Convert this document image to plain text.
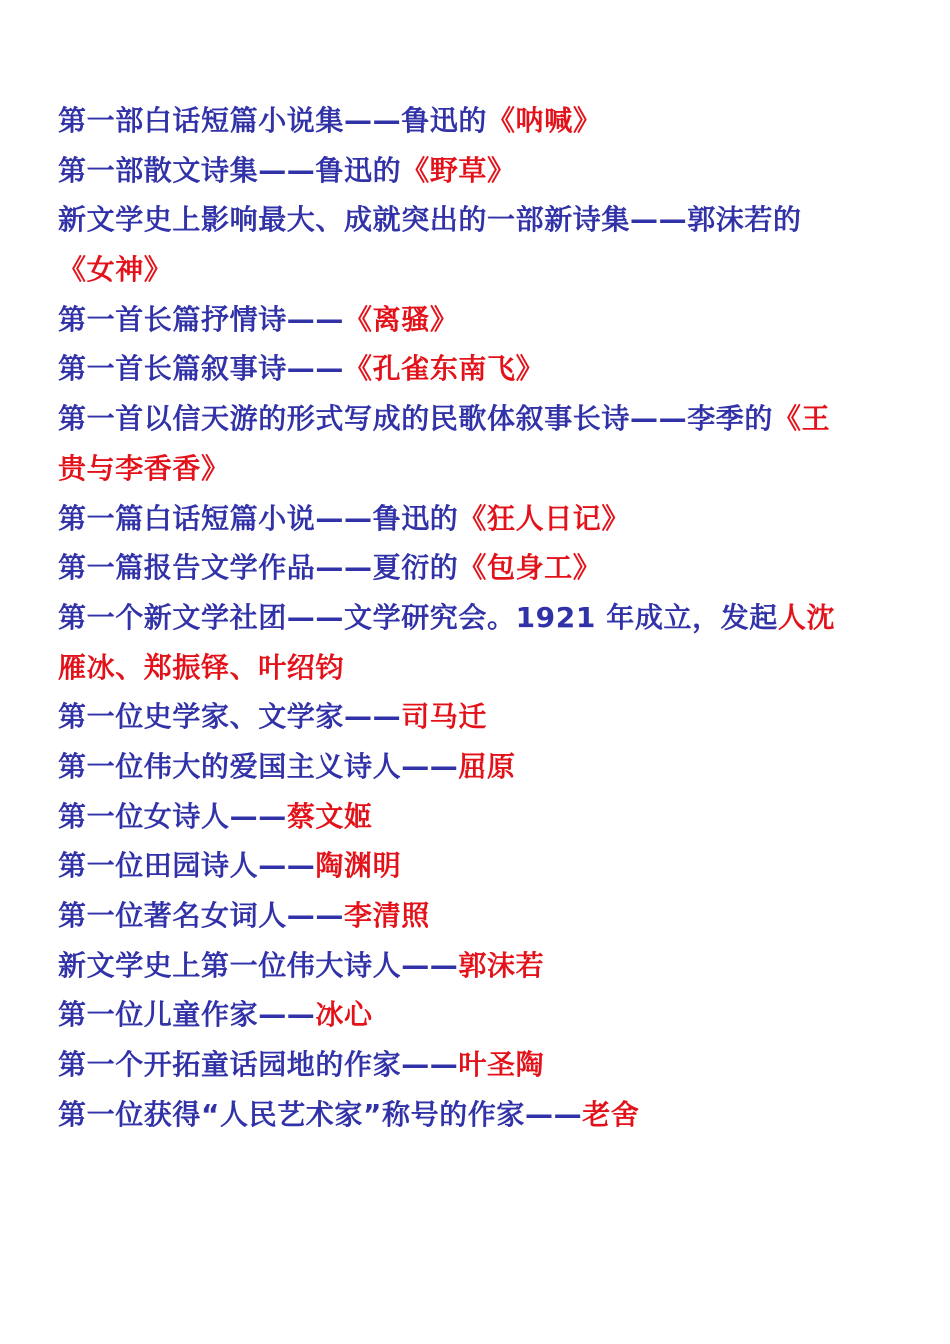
第一部白话短篇小说集——鲁迅的《呐喊》
第一部散文诗集——鲁迅的《野草》
新文学史上影响最大、成就突出的一部新诗集——郭沫若的
《女神》
第一首长篇抒情诗——《离骚》
第一首长篇叙事诗——《孔雀东南飞》
第一首以信天游的形式写成的民歌体叙事长诗——李季的《王
贵与李香香》
第一篇白话短篇小说——鲁迅的《狂人日记》
第一篇报告文学作品——夏衍的《包身工》
第一个新文学社团——文学研究会。1921 年成立，发起人沈
雁冰、郑振铎、叶绍钧
第一位史学家、文学家——司马迁
第一位伟大的爱国主义诗人——屈原
第一位女诗人——蔡文姬
第一位田园诗人——陶渊明
第一位著名女词人——李清照
新文学史上第一位伟大诗人——郭沫若
第一位儿童作家——冰心
第一个开拓童话园地的作家——叶圣陶
第一位获得“人民艺术家”称号的作家——老舍
